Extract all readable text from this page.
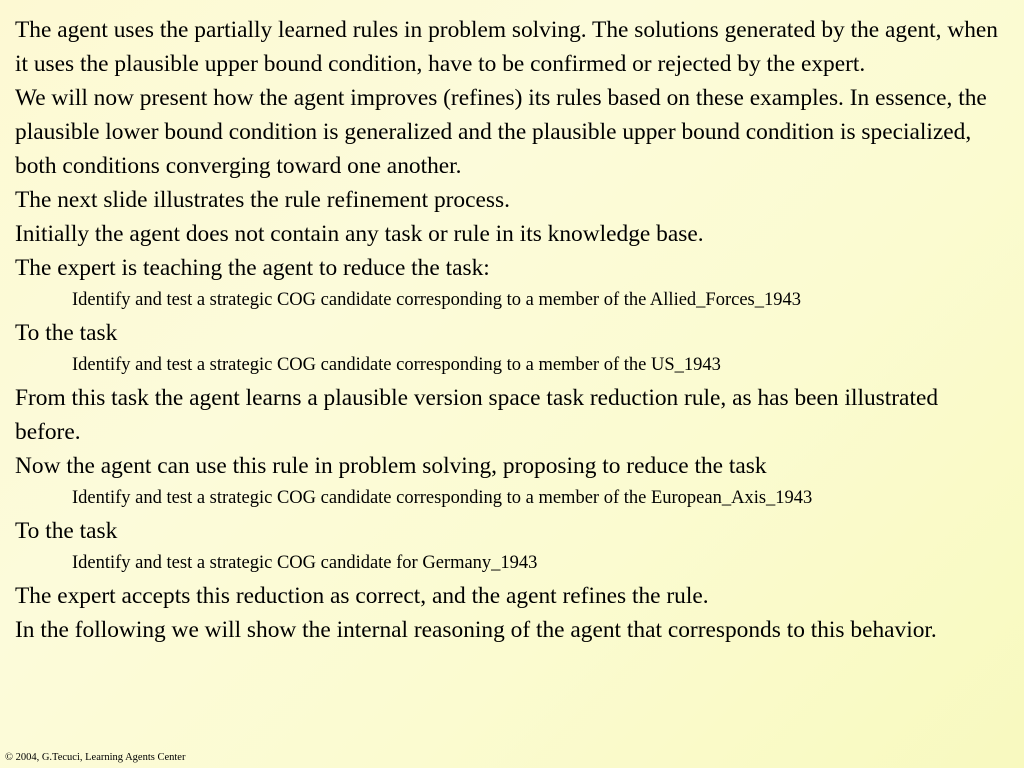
The agent uses the partially learned rules in problem solving. The solutions generated by the agent, when it uses the plausible upper bound condition, have to be confirmed or rejected by the expert.

We will now present how the agent improves (refines) its rules based on these examples. In essence, the plausible lower bound condition is generalized and the plausible upper bound condition is specialized, both conditions converging toward one another.

The next slide illustrates the rule refinement process.

Initially the agent does not contain any task or rule in its knowledge base.

The expert is teaching the agent to reduce the task:

Identify and test a strategic COG candidate corresponding to a member of the Allied_Forces_1943

To the task

Identify and test a strategic COG candidate corresponding to a member of the US_1943

From this task the agent learns a plausible version space task reduction rule, as has been illustrated before.

Now the agent can use this rule in problem solving, proposing to reduce the task

Identify and test a strategic COG candidate corresponding to a member of the European_Axis_1943

To the task

Identify and test a strategic COG candidate for Germany_1943

The expert accepts this reduction as correct, and the agent refines the rule.

In the following we will show the internal reasoning of the agent that corresponds to this behavior.

© 2004, G.Tecuci, Learning Agents Center
